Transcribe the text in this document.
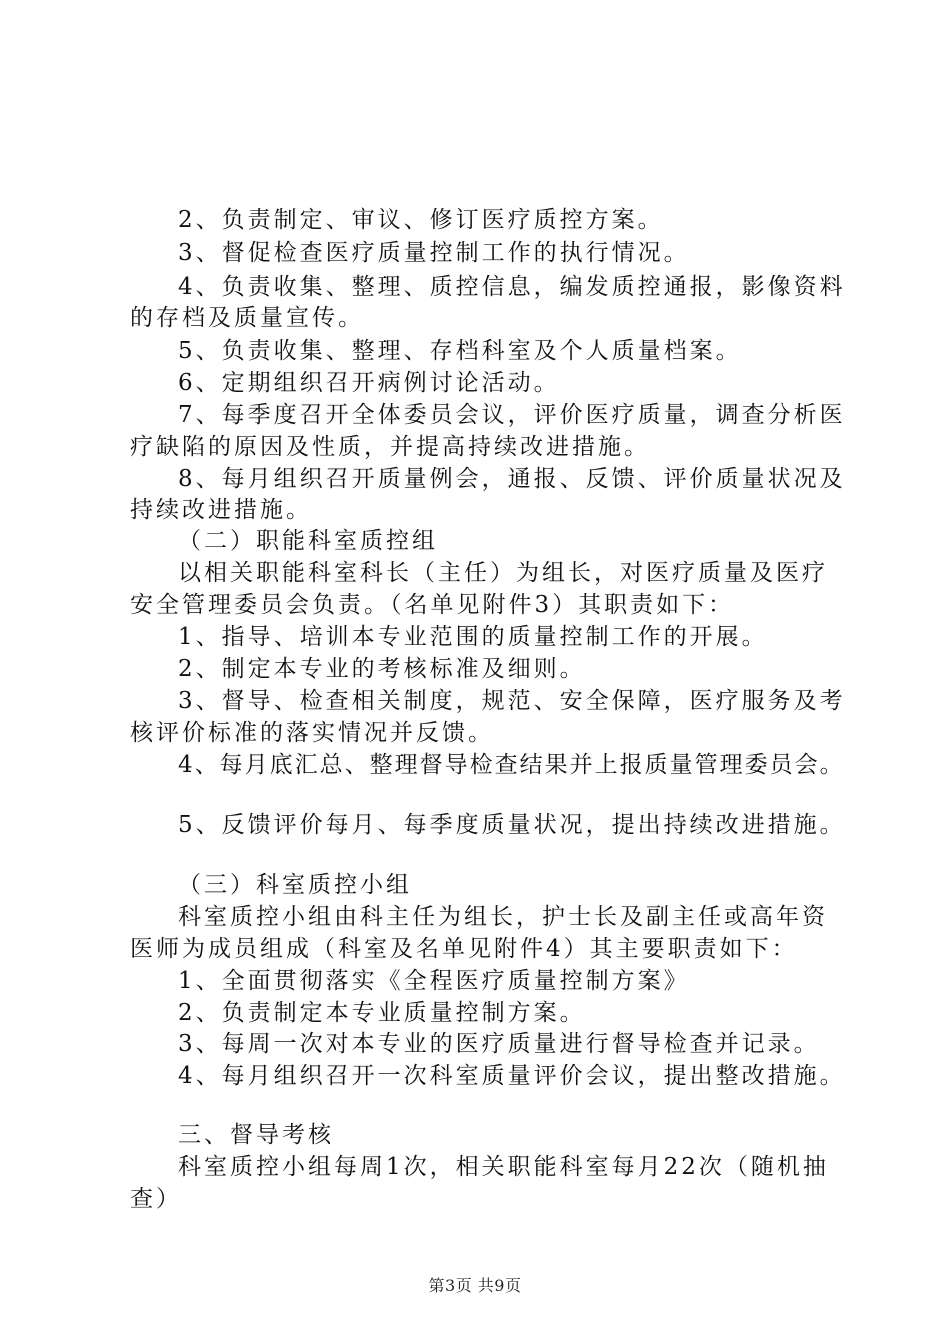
2、负责制定、审议、修订医疗质控方案。
3、督促检查医疗质量控制工作的执行情况。
4、负责收集、整理、质控信息，编发质控通报，影像资料
的存档及质量宣传。
5、负责收集、整理、存档科室及个人质量档案。
6、定期组织召开病例讨论活动。
7、每季度召开全体委员会议，评价医疗质量，调查分析医
疗缺陷的原因及性质，并提高持续改进措施。
8、每月组织召开质量例会，通报、反馈、评价质量状况及
持续改进措施。
（二）职能科室质控组
以相关职能科室科长（主任）为组长，对医疗质量及医疗
安全管理委员会负责。（名单见附件3）其职责如下：
1、指导、培训本专业范围的质量控制工作的开展。
2、制定本专业的考核标准及细则。
3、督导、检查相关制度，规范、安全保障，医疗服务及考
核评价标准的落实情况并反馈。
4、每月底汇总、整理督导检查结果并上报质量管理委员会。
5、反馈评价每月、每季度质量状况，提出持续改进措施。
（三）科室质控小组
科室质控小组由科主任为组长，护士长及副主任或高年资
医师为成员组成（科室及名单见附件4）其主要职责如下：
1、全面贯彻落实《全程医疗质量控制方案》
2、负责制定本专业质量控制方案。
3、每周一次对本专业的医疗质量进行督导检查并记录。
4、每月组织召开一次科室质量评价会议，提出整改措施。
三、督导考核
科室质控小组每周1次，相关职能科室每月22次（随机抽
查）
第3页 共9页
